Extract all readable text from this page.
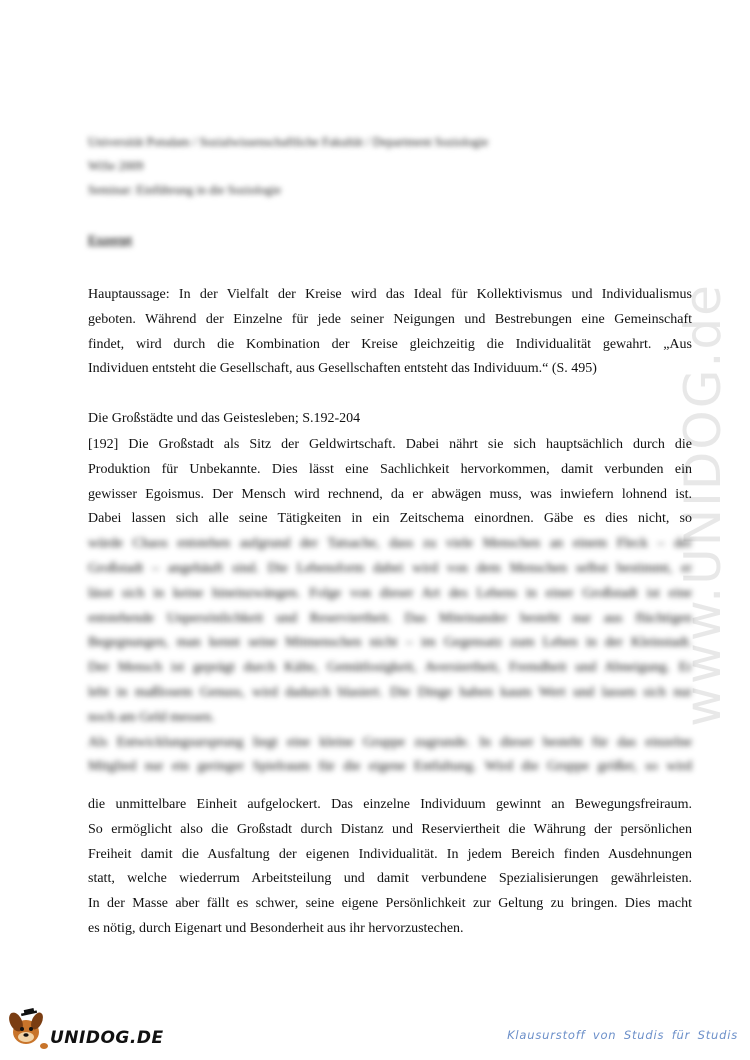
www.UNIDOG.de
Universität Potsdam / Sozialwissenschaftliche Fakultät / Department Soziologie
WiSe 2009
Seminar: Einführung in die Soziologie
Exzerpt
Hauptaussage: In der Vielfalt der Kreise wird das Ideal für Kollektivismus und Individualismus
geboten. Während der Einzelne für jede seiner Neigungen und Bestrebungen eine Gemeinschaft
findet, wird durch die Kombination der Kreise gleichzeitig die Individualität gewahrt. „Aus
Individuen entsteht die Gesellschaft, aus Gesellschaften entsteht das Individuum.“ (S. 495)
Die Großstädte und das Geistesleben; S.192-204
[192] Die Großstadt als Sitz der Geldwirtschaft. Dabei nährt sie sich hauptsächlich durch die
Produktion für Unbekannte. Dies lässt eine Sachlichkeit hervorkommen, damit verbunden ein
gewisser Egoismus. Der Mensch wird rechnend, da er abwägen muss, was inwiefern lohnend ist.
Dabei lassen sich alle seine Tätigkeiten in ein Zeitschema einordnen. Gäbe es dies nicht, so
würde Chaos entstehen aufgrund der Tatsache, dass zu viele Menschen an einem Fleck – der
Großstadt – angehäuft sind. Die Lebensform dabei wird von dem Menschen selbst bestimmt, er
lässt sich in keine hineinzwängen. Folge von dieser Art des Lebens in einer Großstadt ist eine
entstehende Unpersönlichkeit und Reserviertheit. Das Miteinander besteht nur aus flüchtigen
Begegnungen, man kennt seine Mitmenschen nicht – im Gegensatz zum Leben in der Kleinstadt.
Der Mensch ist geprägt durch Kälte, Gemütlosigkeit, Aversiertheit, Fremdheit und Abneigung. Er
lebt in maßlosem Genuss, wird dadurch blasiert. Die Dinge haben kaum Wert und lassen sich nur
noch am Geld messen.
Als Entwicklungsursprung liegt eine kleine Gruppe zugrunde. In dieser besteht für das einzelne
Mitglied nur ein geringer Spielraum für die eigene Entfaltung. Wird die Gruppe größer, so wird
die unmittelbare Einheit aufgelockert. Das einzelne Individuum gewinnt an Bewegungsfreiraum.
So ermöglicht also die Großstadt durch Distanz und Reserviertheit die Währung der persönlichen
Freiheit damit die Ausfaltung der eigenen Individualität. In jedem Bereich finden Ausdehnungen
statt, welche wiederrum Arbeitsteilung und damit verbundene Spezialisierungen gewährleisten.
In der Masse aber fällt es schwer, seine eigene Persönlichkeit zur Geltung zu bringen. Dies macht
es nötig, durch Eigenart und Besonderheit aus ihr hervorzustechen.
UNIDOG.DE	Klausurstoff von Studis für Studis
